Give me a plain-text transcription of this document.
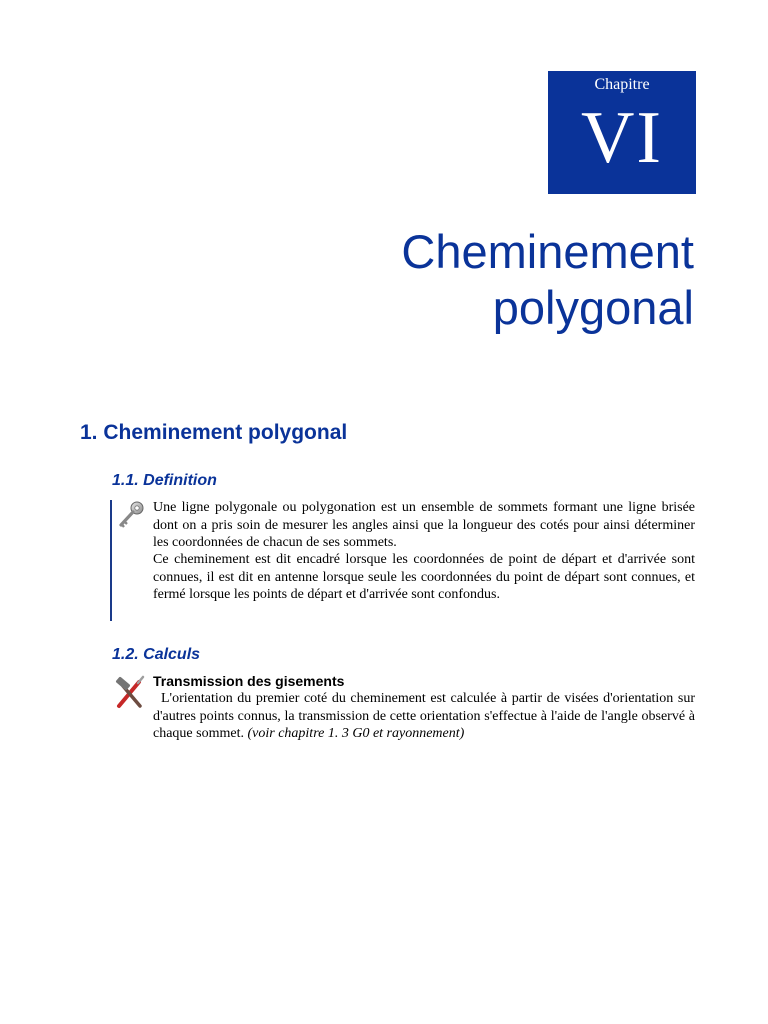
Chapitre
VI
Cheminement
polygonal
1. Cheminement polygonal
1.1. Definition

Une ligne polygonale ou polygonation est un ensemble de sommets formant une ligne brisée dont on a pris soin de mesurer les angles ainsi que la longueur des cotés pour ainsi déterminer les coordonnées de chacun de ses sommets.

Ce cheminement est dit encadré lorsque les coordonnées de point de départ et d'arrivée sont connues, il est dit en antenne lorsque seule les coordonnées du point de départ sont connues, et fermé lorsque les points de départ et d'arrivée sont confondus.

1.2. Calculs
Transmission des gisements

L'orientation du premier coté du cheminement est calculée à partir de visées d'orientation sur d'autres points connus, la transmission de cette orientation s'effectue à l'aide de l'angle observé à chaque sommet. (voir chapitre 1. 3 G0 et rayonnement)
